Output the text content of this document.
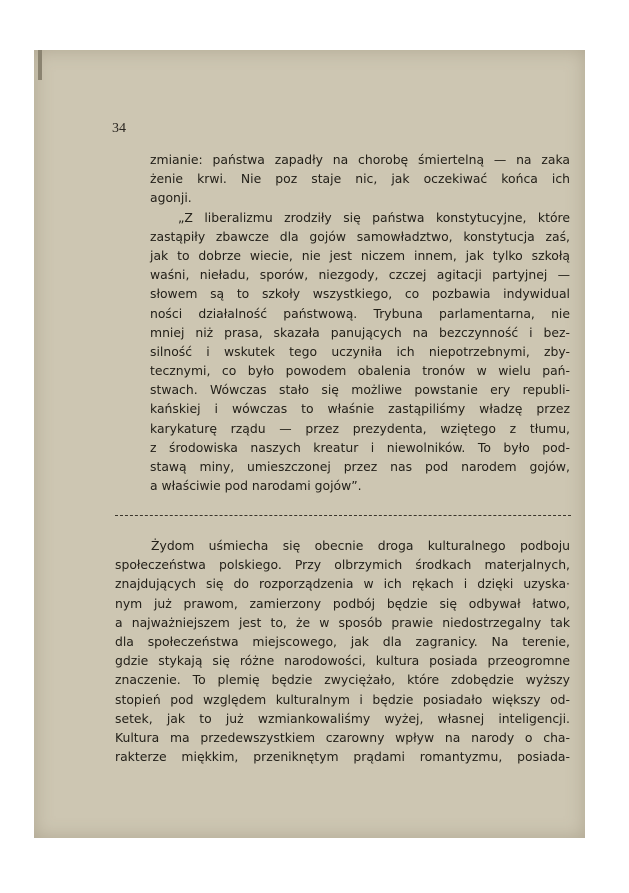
34
zmianie: państwa zapadły na chorobę śmiertelną — na zaka
żenie krwi. Nie poz staje nic, jak oczekiwać końca ich
agonji.
„Z liberalizmu zrodziły się państwa konstytucyjne, które
zastąpiły zbawcze dla gojów samowładztwo, konstytucja zaś,
jak to dobrze wiecie, nie jest niczem innem, jak tylko szkołą
waśni, nieładu, sporów, niezgody, czczej agitacji partyjnej —
słowem są to szkoły wszystkiego, co pozbawia indywidual
ności działalność państwową. Trybuna parlamentarna, nie
mniej niż prasa, skazała panujących na bezczynność i bez-
silność i wskutek tego uczyniła ich niepotrzebnymi, zby-
tecznymi, co było powodem obalenia tronów w wielu pań-
stwach. Wówczas stało się możliwe powstanie ery republi-
kańskiej i wówczas to właśnie zastąpiliśmy władzę przez
karykaturę rządu — przez prezydenta, wziętego z tłumu,
z środowiska naszych kreatur i niewolników. To było pod-
stawą miny, umieszczonej przez nas pod narodem gojów,
a właściwie pod narodami gojów”.
Żydom uśmiecha się obecnie droga kulturalnego podboju
społeczeństwa polskiego. Przy olbrzymich środkach materjalnych,
znajdujących się do rozporządzenia w ich rękach i dzięki uzyska·
nym już prawom, zamierzony podbój będzie się odbywał łatwo,
a najważniejszem jest to, że w sposób prawie niedostrzegalny tak
dla społeczeństwa miejscowego, jak dla zagranicy. Na terenie,
gdzie stykają się różne narodowości, kultura posiada przeogromne
znaczenie. To plemię będzie zwyciężało, które zdobędzie wyższy
stopień pod względem kulturalnym i będzie posiadało większy od-
setek, jak to już wzmiankowaliśmy wyżej, własnej inteligencji.
Kultura ma przedewszystkiem czarowny wpływ na narody o cha-
rakterze miękkim, przeniknętym prądami romantyzmu, posiada-
